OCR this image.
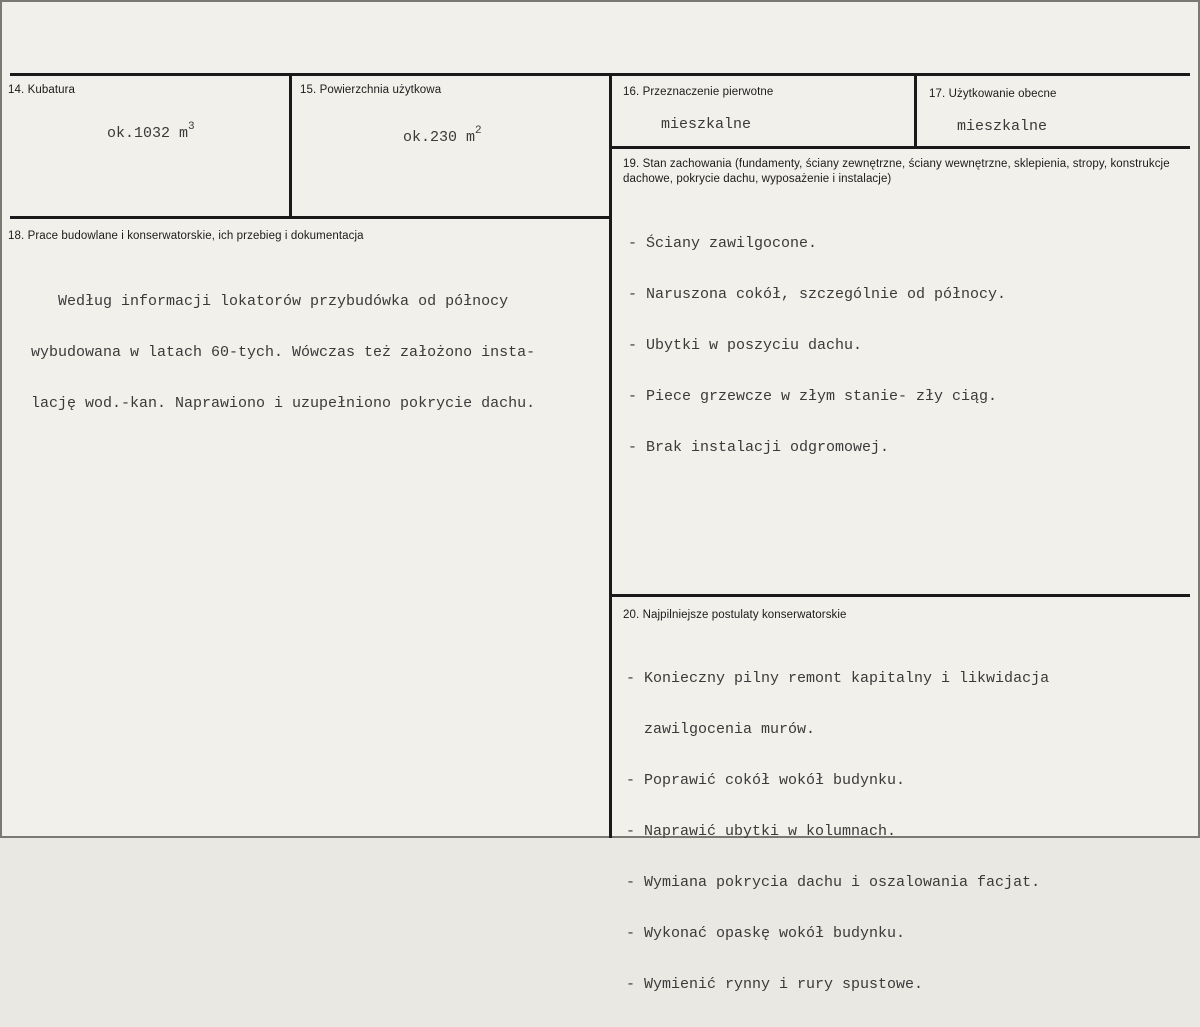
14. Kubatura

ok.1032 $m^3$

15. Powierzchnia użytkowa

ok.230 $m^2$

16. Przeznaczenie pierwotne
mieszkalne
17. Użytkowanie obecne
mieszkalne
19. Stan zachowania (fundamenty, ściany zewnętrzne, ściany wewnętrzne, sklepienia, stropy, konstrukcje dachowe, pokrycie dachu, wyposażenie i instalacje)

- Ściany zawilgocone.

- Naruszona cokół, szczególnie od północy.

- Ubytki w poszyciu dachu.

- Piece grzewcze w złym stanie- zły ciąg.

- Brak instalacji odgromowej.

18. Prace budowlane i konserwatorskie, ich przebieg i dokumentacja

Według informacji lokatorów przybudówka od północy

wybudowana w latach 60-tych. Wówczas też założono insta-

lację wod.-kan. Naprawiono i uzupełniono pokrycie dachu.

20. Najpilniejsze postulaty konserwatorskie

- Konieczny pilny remont kapitalny i likwidacja

zawilgocenia murów.

- Poprawić cokół wokół budynku.

- Naprawić ubytki w kolumnach.

- Wymiana pokrycia dachu i oszalowania facjat.

- Wykonać opaskę wokół budynku.

- Wymienić rynny i rury spustowe.
